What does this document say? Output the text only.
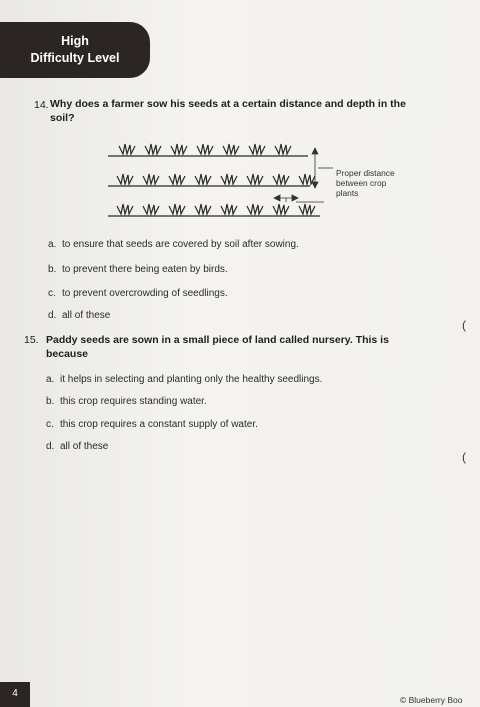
High
Difficulty Level
14. Why does a farmer sow his seeds at a certain distance and depth in the
soil?
Proper distance
between crop
plants
a. to ensure that seeds are covered by soil after sowing.
b. to prevent there being eaten by birds.
c. to prevent overcrowding of seedlings.
d. all of these
(
15. Paddy seeds are sown in a small piece of land called nursery. This is
because
a. it helps in selecting and planting only the healthy seedlings.
b. this crop requires standing water.
c. this crop requires a constant supply of water.
d. all of these
(
4
© Blueberry Boo
